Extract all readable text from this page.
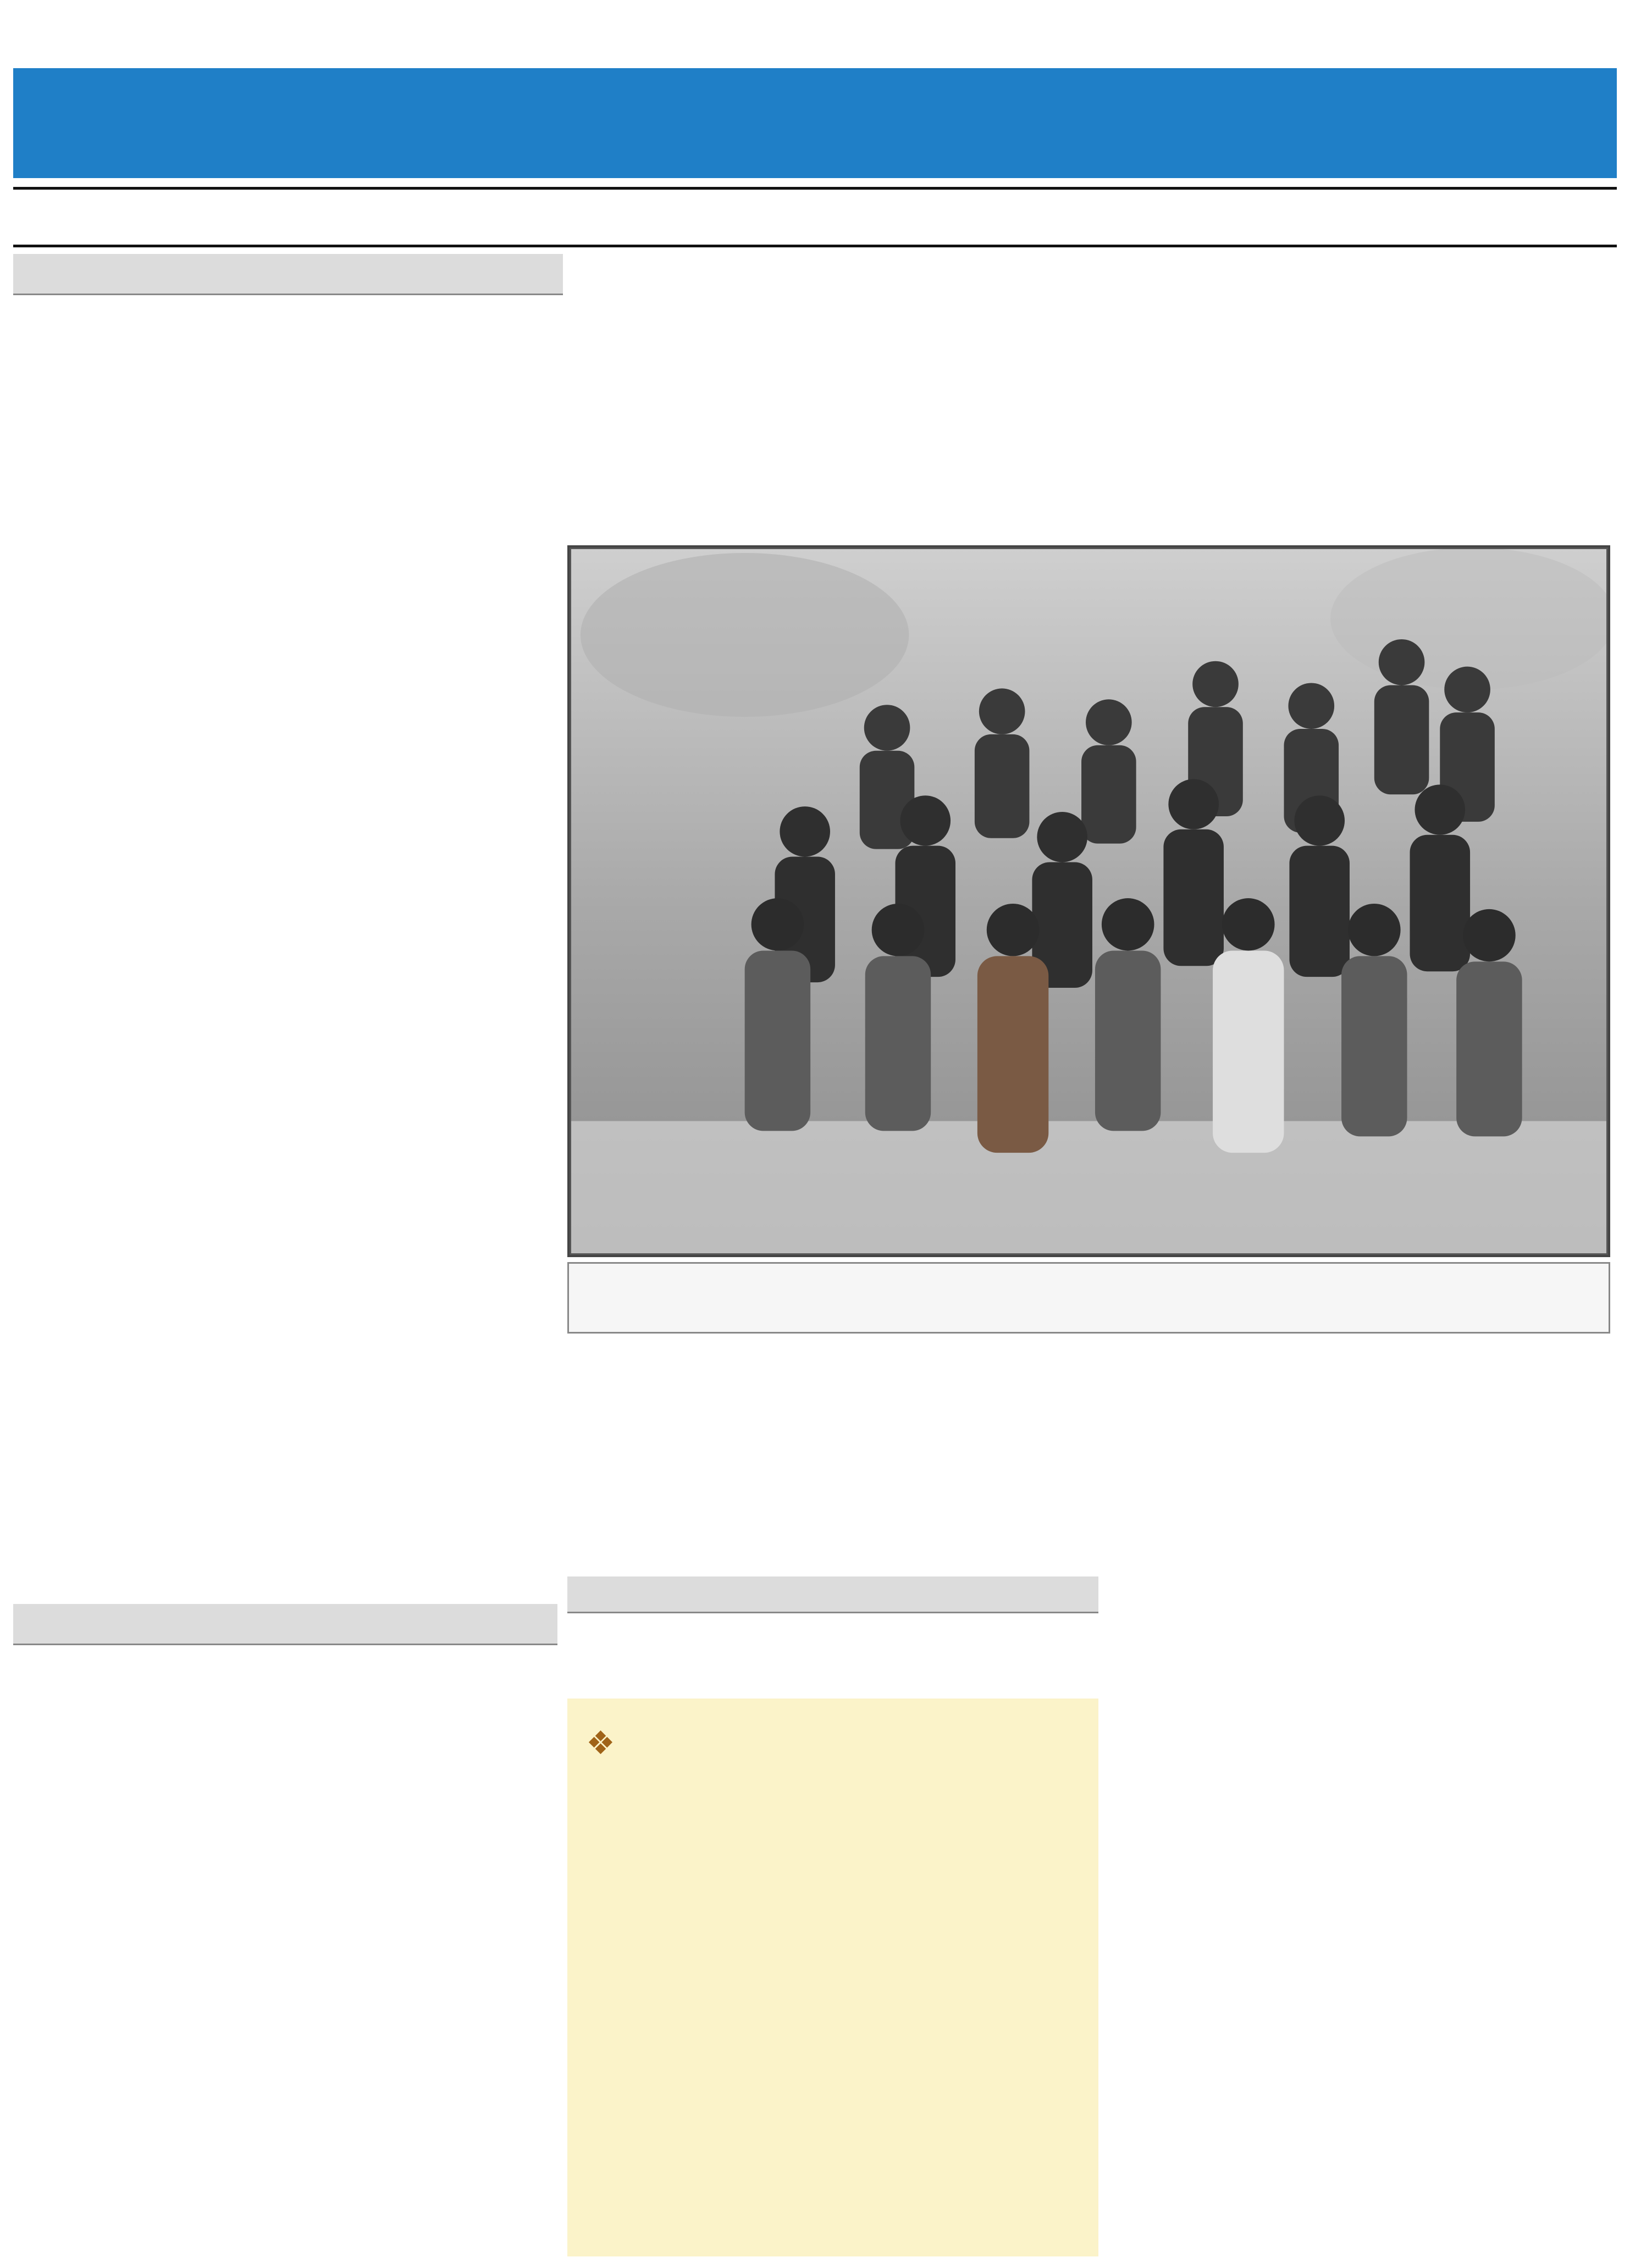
❖
